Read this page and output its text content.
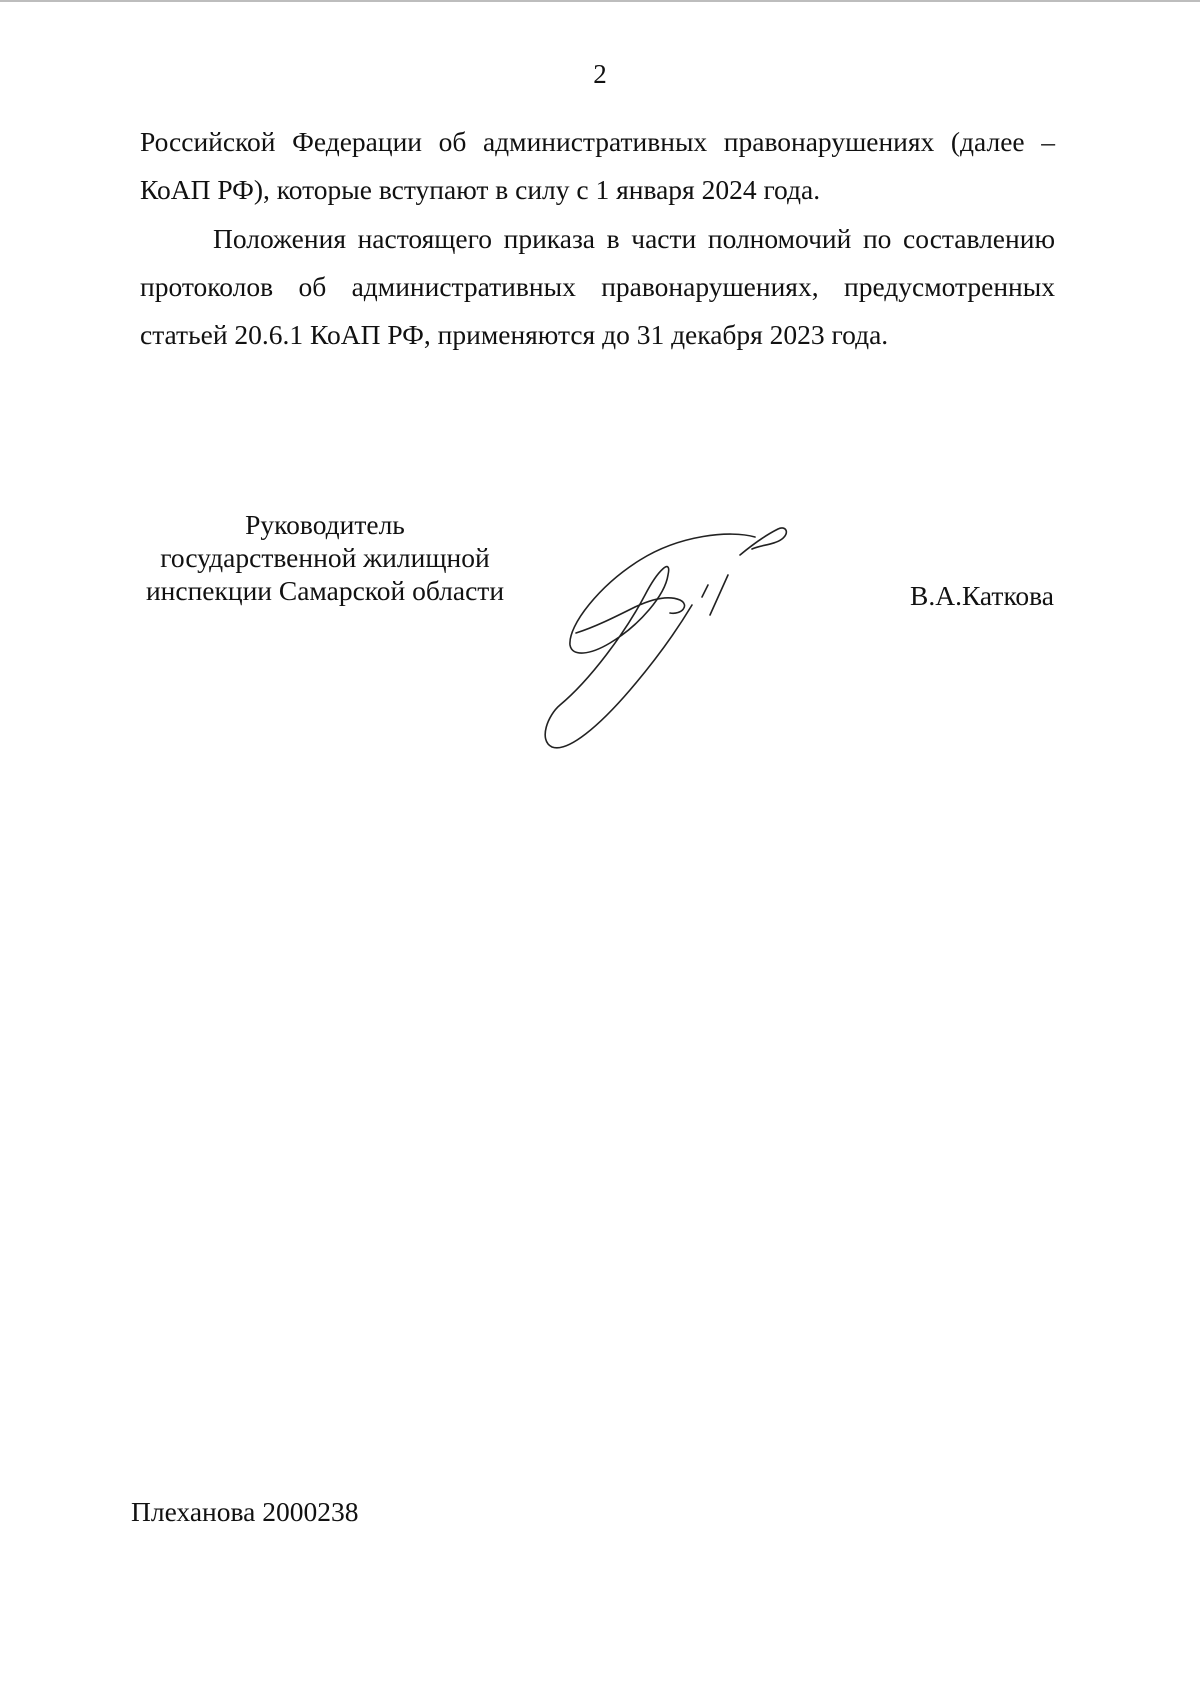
2

Российской Федерации об административных правонарушениях (далее – КоАП РФ), которые вступают в силу с 1 января 2024 года.

Положения настоящего приказа в части полномочий по составлению протоколов об административных правонарушениях, предусмотренных статьей 20.6.1 КоАП РФ, применяются до 31 декабря 2023 года.

Руководитель
государственной жилищной
инспекции Самарской области	В.А.Каткова
Плеханова 2000238
